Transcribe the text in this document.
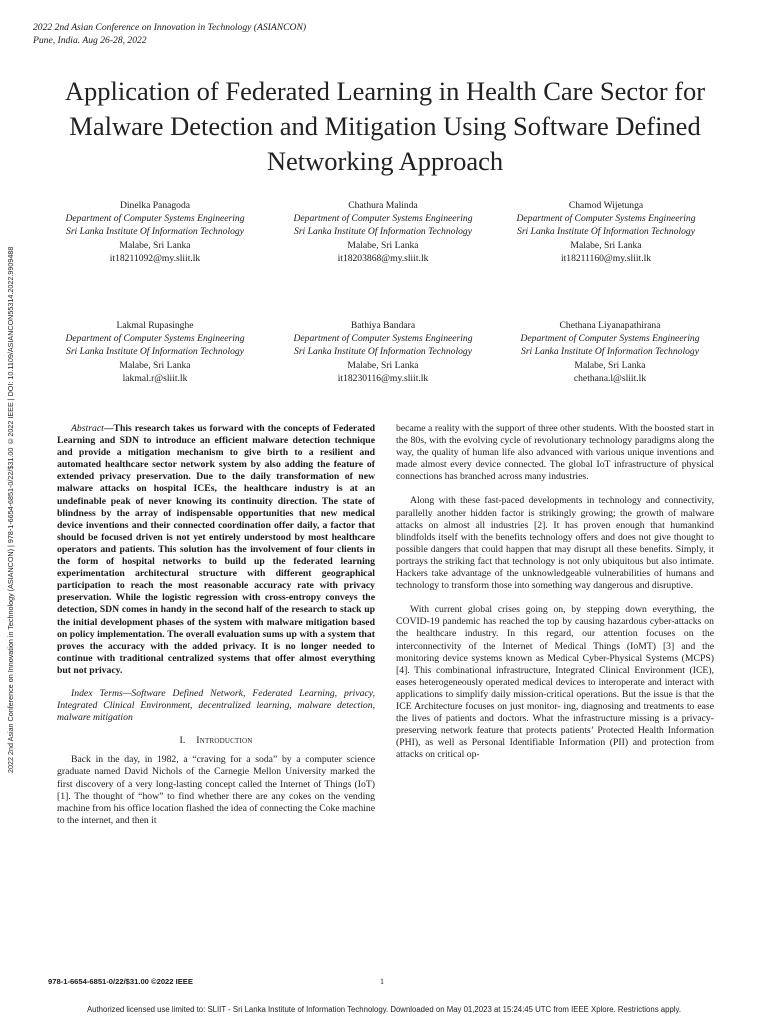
2022 2nd Asian Conference on Innovation in Technology (ASIANCON)
Pune, India. Aug 26-28, 2022
2022 2nd Asian Conference on Innovation in Technology (ASIANCON) | 978-1-6654-6851-0/22/$31.00 ©2022 IEEE | DOI: 10.1109/ASIANCON55314.2022.9909488
Application of Federated Learning in Health Care Sector for Malware Detection and Mitigation Using Software Defined Networking Approach
Dinelka Panagoda
Department of Computer Systems Engineering
Sri Lanka Institute Of Information Technology
Malabe, Sri Lanka
it18211092@my.sliit.lk
Chathura Malinda
Department of Computer Systems Engineering
Sri Lanka Institute Of Information Technology
Malabe, Sri Lanka
it18203868@my.sliit.lk
Chamod Wijetunga
Department of Computer Systems Engineering
Sri Lanka Institute Of Information Technology
Malabe, Sri Lanka
it18211160@my.sliit.lk
Lakmal Rupasinghe
Department of Computer Systems Engineering
Sri Lanka Institute Of Information Technology
Malabe, Sri Lanka
lakmal.r@sliit.lk
Bathiya Bandara
Department of Computer Systems Engineering
Sri Lanka Institute Of Information Technology
Malabe, Sri Lanka
it18230116@my.sliit.lk
Chethana Liyanapathirana
Department of Computer Systems Engineering
Sri Lanka Institute Of Information Technology
Malabe, Sri Lanka
chethana.l@sliit.lk

Abstract—This research takes us forward with the concepts of Federated Learning and SDN to introduce an efficient malware detection technique and provide a mitigation mechanism to give birth to a resilient and automated healthcare sector network system by also adding the feature of extended privacy preservation. Due to the daily transformation of new malware attacks on hospital ICEs, the healthcare industry is at an undefinable peak of never knowing its continuity direction. The state of blindness by the array of indispensable opportunities that new medical device inventions and their connected coordination offer daily, a factor that should be focused driven is not yet entirely understood by most healthcare operators and patients. This solution has the involvement of four clients in the form of hospital networks to build up the federated learning experimentation architectural structure with different geographical participation to reach the most reasonable accuracy rate with privacy preservation. While the logistic regression with cross-entropy conveys the detection, SDN comes in handy in the second half of the research to stack up the initial development phases of the system with malware mitigation based on policy implementation. The overall evaluation sums up with a system that proves the accuracy with the added privacy. It is no longer needed to continue with traditional centralized systems that offer almost everything but not privacy.

Index Terms—Software Defined Network, Federated Learning, privacy, Integrated Clinical Environment, decentralized learning, malware detection, malware mitigation

I. Introduction

Back in the day, in 1982, a “craving for a soda” by a computer science graduate named David Nichols of the Carnegie Mellon University marked the first discovery of a very long-lasting concept called the Internet of Things (IoT) [1]. The thought of “how” to find whether there are any cokes on the vending machine from his office location flashed the idea of connecting the Coke machine to the internet, and then it

became a reality with the support of three other students. With the boosted start in the 80s, with the evolving cycle of revolutionary technology paradigms along the way, the quality of human life also advanced with various unique inventions and made almost every device connected. The global IoT infrastructure of physical connections has branched across many industries.

Along with these fast-paced developments in technology and connectivity, parallelly another hidden factor is strikingly growing; the growth of malware attacks on almost all industries [2]. It has proven enough that humankind blindfolds itself with the benefits technology offers and does not give thought to possible dangers that could happen that may disrupt all these benefits. Simply, it portrays the striking fact that technology is not only ubiquitous but also intimate. Hackers take advantage of the unknowledgeable vulnerabilities of humans and technology to transform those into something way dangerous and disruptive.

With current global crises going on, by stepping down everything, the COVID-19 pandemic has reached the top by causing hazardous cyber-attacks on the healthcare industry. In this regard, our attention focuses on the interconnectivity of the Internet of Medical Things (IoMT) [3] and the monitoring device systems known as Medical Cyber-Physical Systems (MCPS) [4]. This combinational infrastructure, Integrated Clinical Environment (ICE), eases heterogeneously operated medical devices to interoperate and interact with applications to simplify daily mission-critical operations. But the issue is that the ICE Architecture focuses on just monitor- ing, diagnosing and treatments to ease the lives of patients and doctors. What the infrastructure missing is a privacy-preserving network feature that protects patients’ Protected Health Information (PHI), as well as Personal Identifiable Information (PII) and protection from attacks on critical op-

978-1-6654-6851-0/22/$31.00 ©2022 IEEE	1
Authorized licensed use limited to: SLIIT - Sri Lanka Institute of Information Technology. Downloaded on May 01,2023 at 15:24:45 UTC from IEEE Xplore. Restrictions apply.
